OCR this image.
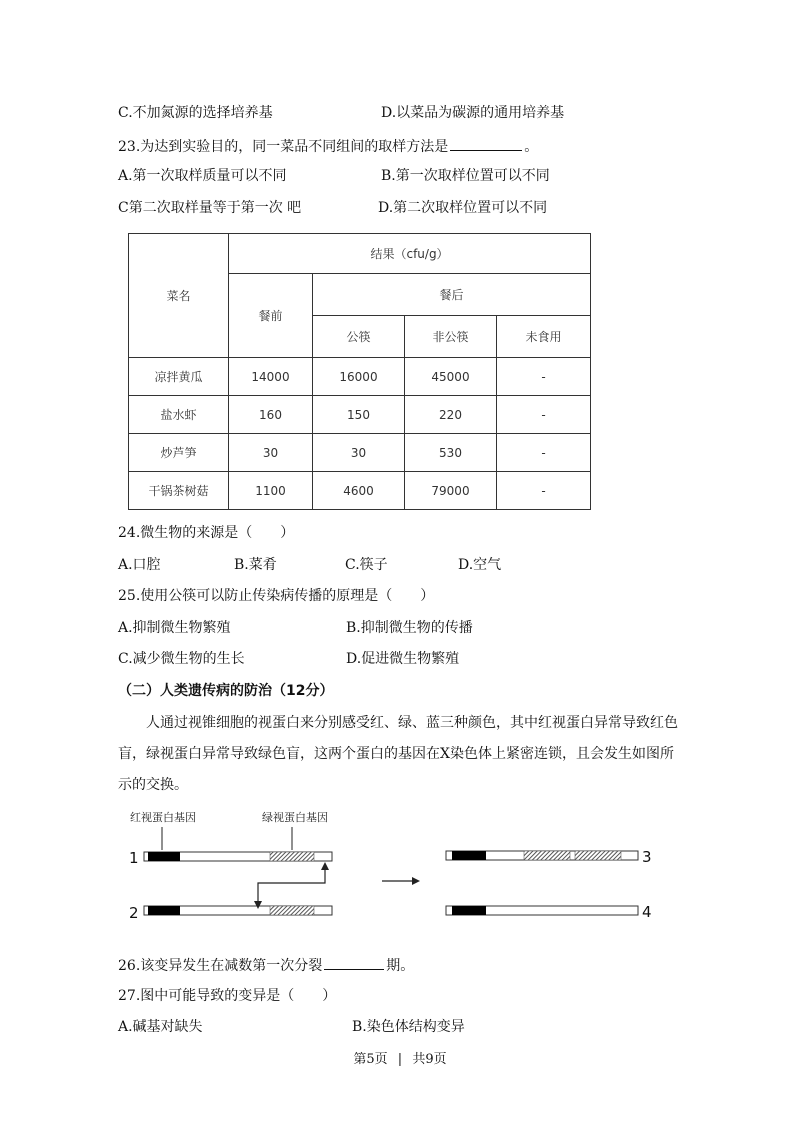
C.不加氮源的选择培养基	D.以菜品为碳源的通用培养基
23.为达到实验目的，同一菜品不同组间的取样方法是	。
A.第一次取样质量可以不同	B.第一次取样位置可以不同
C第二次取样量等于第一次 吧	D.第二次取样位置可以不同
菜名	结果（cfu/g）			
	餐前	餐后		
		公筷	非公筷	未食用
凉拌黄瓜	14000	16000	45000	-
盐水虾	160	150	220	-
炒芦笋	30	30	530	-
干锅茶树菇	1100	4600	79000	-
24.微生物的来源是（　　）
A.口腔	B.菜肴	C.筷子	D.空气
25.使用公筷可以防止传染病传播的原理是（　　）
A.抑制微生物繁殖	B.抑制微生物的传播
C.减少微生物的生长	D.促进微生物繁殖
（二）人类遗传病的防治（12分）
人通过视锥细胞的视蛋白来分别感受红、绿、蓝三种颜色，其中红视蛋白异常导致红色
盲，绿视蛋白异常导致绿色盲，这两个蛋白的基因在X染色体上紧密连锁，且会发生如图所
示的交换。
红视蛋白基因	绿视蛋白基因
1
2
3
4
26.该变异发生在减数第一次分裂	期。
27.图中可能导致的变异是（　　）
A.碱基对缺失	B.染色体结构变异
第5页 | 共9页
